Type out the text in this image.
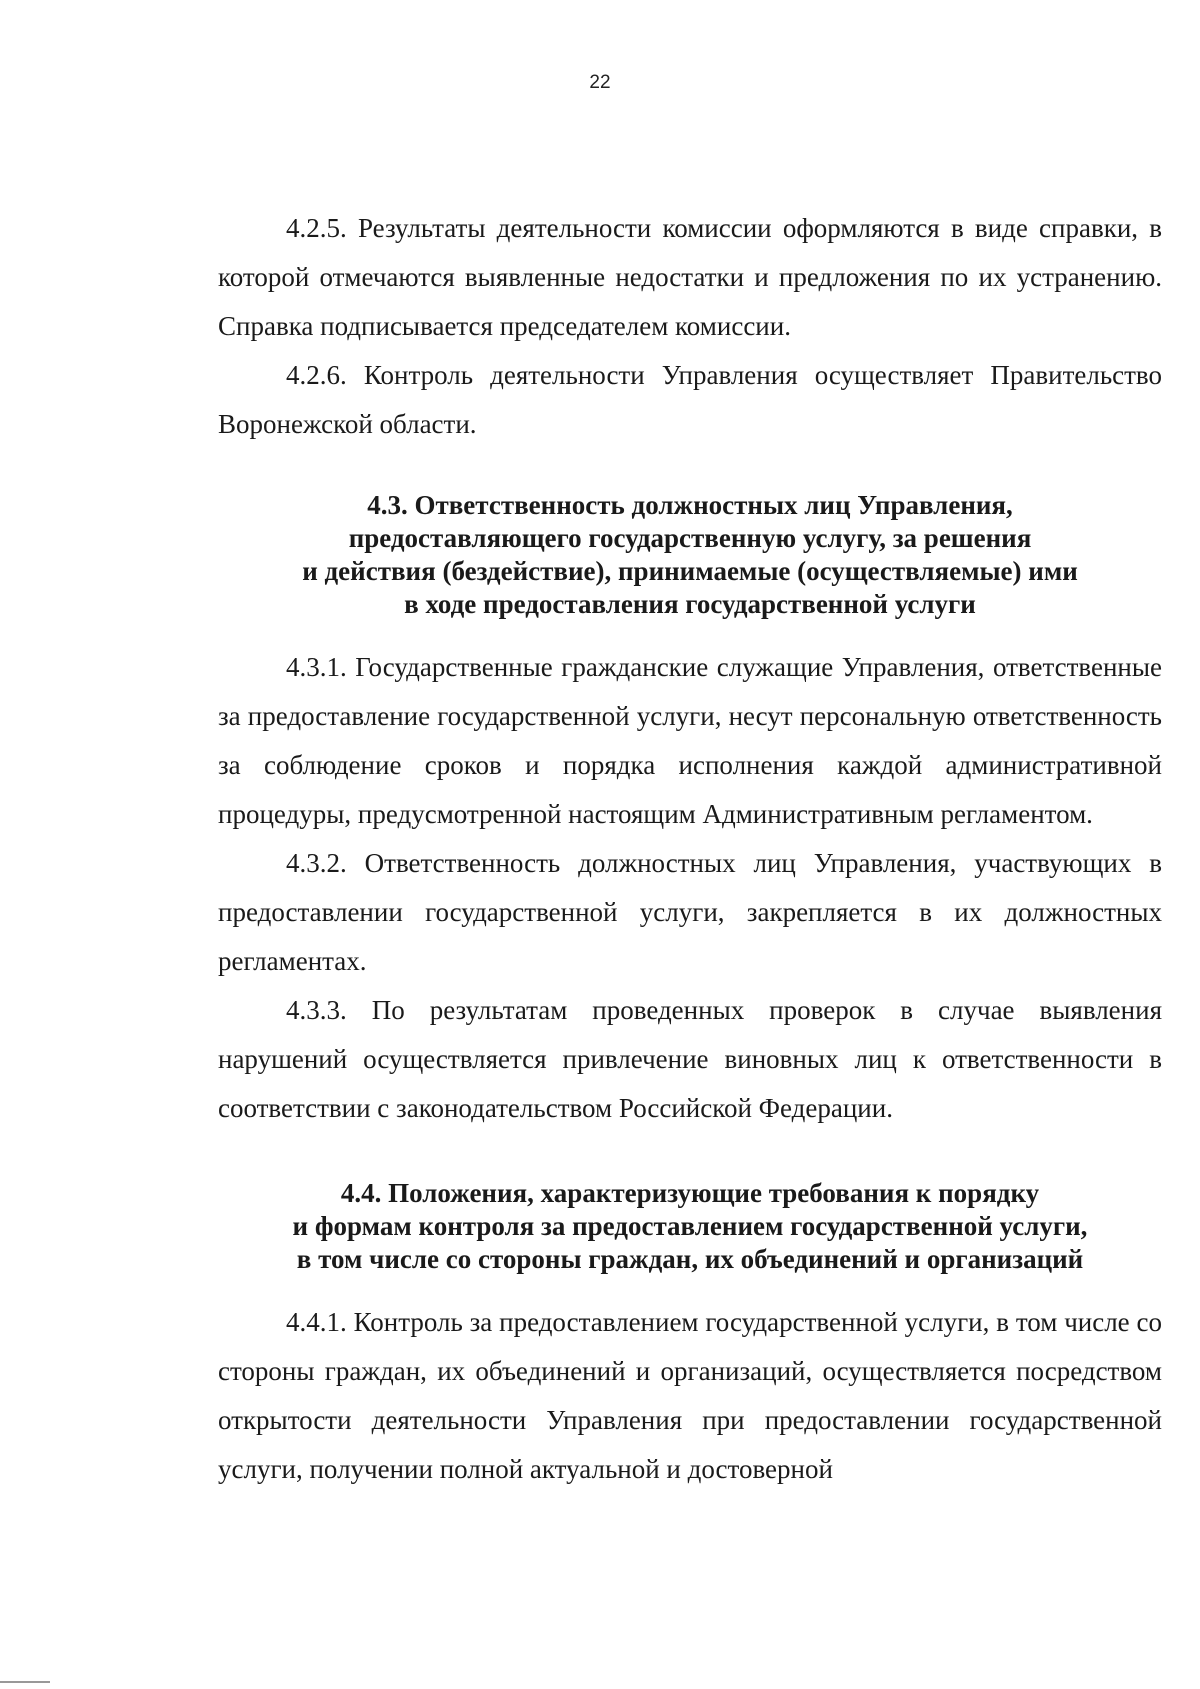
22

4.2.5. Результаты деятельности комиссии оформляются в виде справки, в которой отмечаются выявленные недостатки и предложения по их устранению. Справка подписывается председателем комиссии.

4.2.6. Контроль деятельности Управления осуществляет Правительство Воронежской области.

4.3. Ответственность должностных лиц Управления,
предоставляющего государственную услугу, за решения
и действия (бездействие), принимаемые (осуществляемые) ими
в ходе предоставления государственной услуги

4.3.1. Государственные гражданские служащие Управления, ответственные за предоставление государственной услуги, несут персональную ответственность за соблюдение сроков и порядка исполнения каждой административной процедуры, предусмотренной настоящим Административным регламентом.

4.3.2. Ответственность должностных лиц Управления, участвующих в предоставлении государственной услуги, закрепляется в их должностных регламентах.

4.3.3. По результатам проведенных проверок в случае выявления нарушений осуществляется привлечение виновных лиц к ответственности в соответствии с законодательством Российской Федерации.

4.4. Положения, характеризующие требования к порядку
и формам контроля за предоставлением государственной услуги,
в том числе со стороны граждан, их объединений и организаций

4.4.1. Контроль за предоставлением государственной услуги, в том числе со стороны граждан, их объединений и организаций, осуществляется посредством открытости деятельности Управления при предоставлении государственной услуги, получении полной актуальной и достоверной
